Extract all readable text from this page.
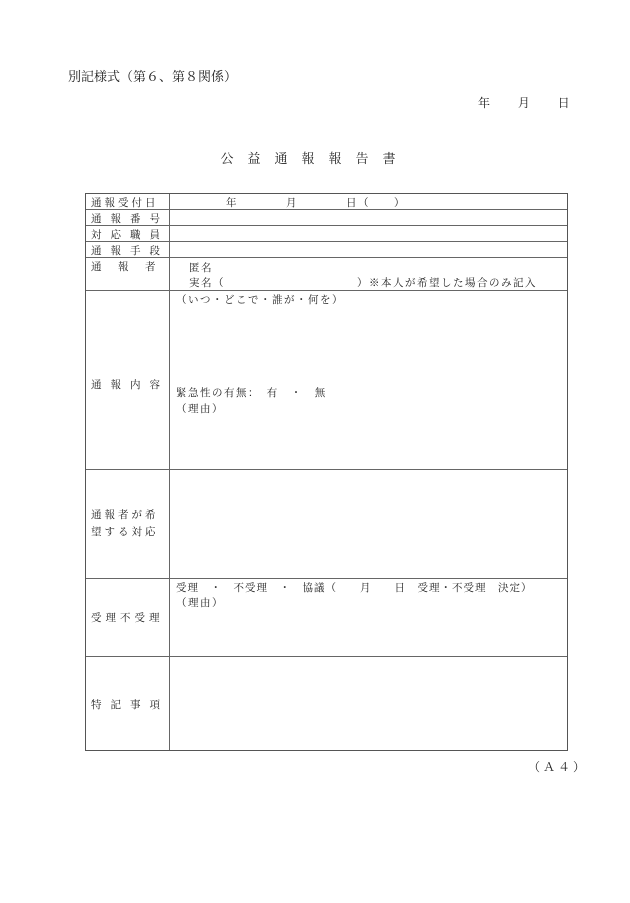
別記様式（第６、第８関係）
年 月 日
公益通報報告書
通報受付日	年　　　　月　　　　日（　　）
通報番号
対応職員
通報手段
通　報　者	匿名
実名（　　　　　　　　　　　）※本人が希望した場合のみ記入
（いつ・どこで・誰が・何を）
通報内容
緊急性の有無：　有　・　無
（理由）
通報者が希
望する対応
受理　・　不受理　・　協議（　　月　　日　受理・不受理　決定）
（理由）
受理不受理
特記事項
（Ａ４）
